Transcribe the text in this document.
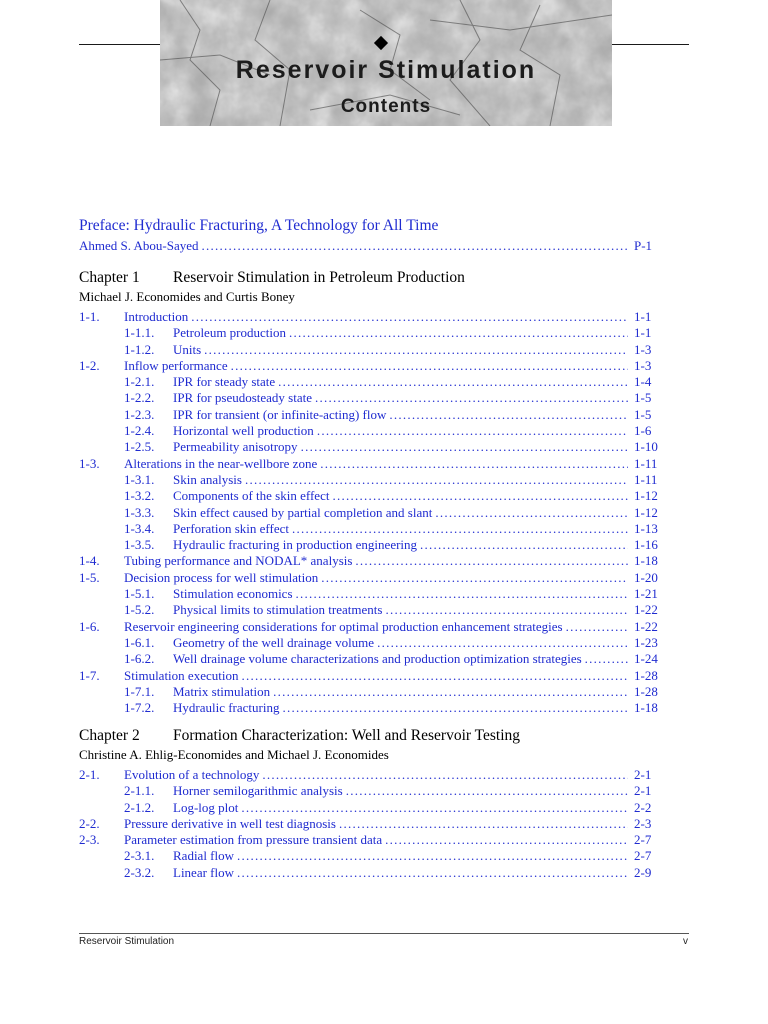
Reservoir Stimulation
Contents
Preface: Hydraulic Fracturing, A Technology for All Time
Ahmed S. Abou-Sayed . . .	P-1
Chapter 1 Reservoir Stimulation in Petroleum Production
Michael J. Economides and Curtis Boney
1-1.	Introduction . . .	1-1
1-1.1.	Petroleum production . . .	1-1
1-1.2.	Units . . .	1-3
1-2.	Inflow performance . . .	1-3
1-2.1.	IPR for steady state . . .	1-4
1-2.2.	IPR for pseudosteady state . . .	1-5
1-2.3.	IPR for transient (or infinite-acting) flow . . .	1-5
1-2.4.	Horizontal well production . . .	1-6
1-2.5.	Permeability anisotropy . . .	1-10
1-3.	Alterations in the near-wellbore zone . . .	1-11
1-3.1.	Skin analysis . . .	1-11
1-3.2.	Components of the skin effect . . .	1-12
1-3.3.	Skin effect caused by partial completion and slant . . .	1-12
1-3.4.	Perforation skin effect . . .	1-13
1-3.5.	Hydraulic fracturing in production engineering . . .	1-16
1-4.	Tubing performance and NODAL* analysis . . .	1-18
1-5.	Decision process for well stimulation . . .	1-20
1-5.1.	Stimulation economics . . .	1-21
1-5.2.	Physical limits to stimulation treatments . . .	1-22
1-6.	Reservoir engineering considerations for optimal production enhancement strategies . . .	1-22
1-6.1.	Geometry of the well drainage volume . . .	1-23
1-6.2.	Well drainage volume characterizations and production optimization strategies . . .	1-24
1-7.	Stimulation execution . . .	1-28
1-7.1.	Matrix stimulation . . .	1-28
1-7.2.	Hydraulic fracturing . . .	1-18
Chapter 2 Formation Characterization: Well and Reservoir Testing
Christine A. Ehlig-Economides and Michael J. Economides
2-1.	Evolution of a technology . . .	2-1
2-1.1.	Horner semilogarithmic analysis . . .	2-1
2-1.2.	Log-log plot . . .	2-2
2-2.	Pressure derivative in well test diagnosis . . .	2-3
2-3.	Parameter estimation from pressure transient data . . .	2-7
2-3.1.	Radial flow . . .	2-7
2-3.2.	Linear flow . . .	2-9
Reservoir Stimulation	v
